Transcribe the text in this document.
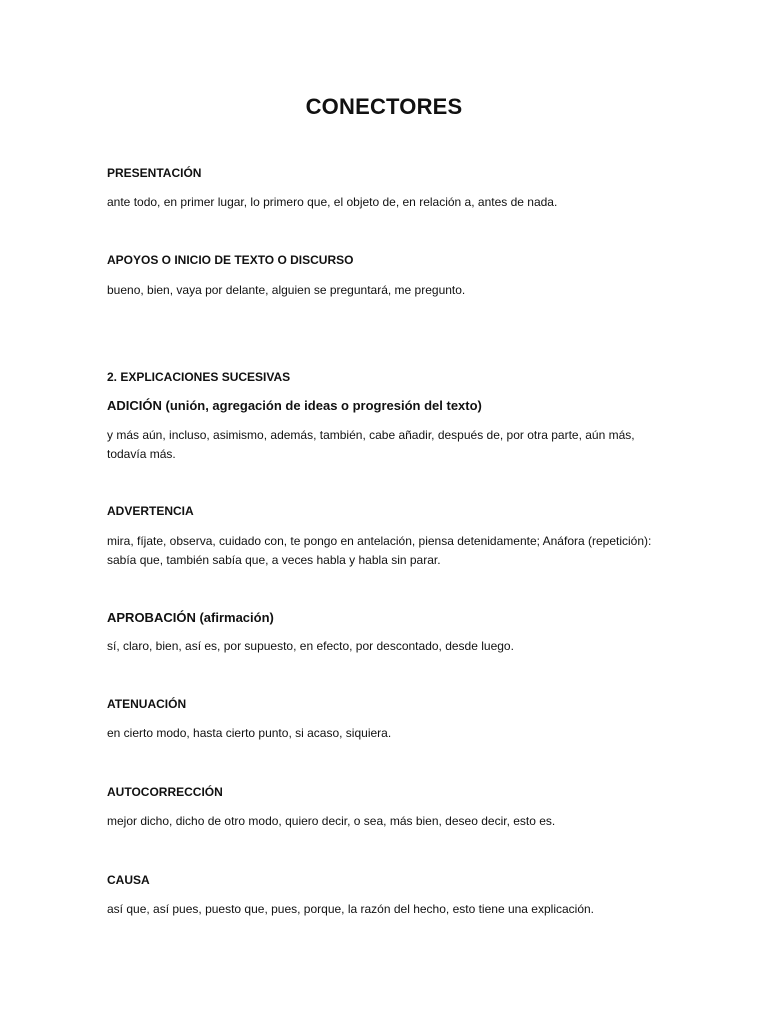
CONECTORES

PRESENTACIÓN

ante todo, en primer lugar, lo primero que, el objeto de, en relación a, antes de nada.

APOYOS O INICIO DE TEXTO O DISCURSO

bueno, bien, vaya por delante, alguien se preguntará, me pregunto.

2. EXPLICACIONES SUCESIVAS

ADICIÓN (unión, agregación de ideas o progresión del texto)

y más aún, incluso, asimismo, además, también, cabe añadir, después de, por otra parte, aún más, todavía más.

ADVERTENCIA

mira, fíjate, observa, cuidado con, te pongo en antelación, piensa detenidamente; Anáfora (repetición): sabía que, también sabía que, a veces habla y habla sin parar.

APROBACIÓN (afirmación)

sí, claro, bien, así es, por supuesto, en efecto, por descontado, desde luego.

ATENUACIÓN

en cierto modo, hasta cierto punto, si acaso, siquiera.

AUTOCORRECCIÓN

mejor dicho, dicho de otro modo, quiero decir, o sea, más bien, deseo decir, esto es.

CAUSA

así que, así pues, puesto que, pues, porque, la razón del hecho, esto tiene una explicación.
